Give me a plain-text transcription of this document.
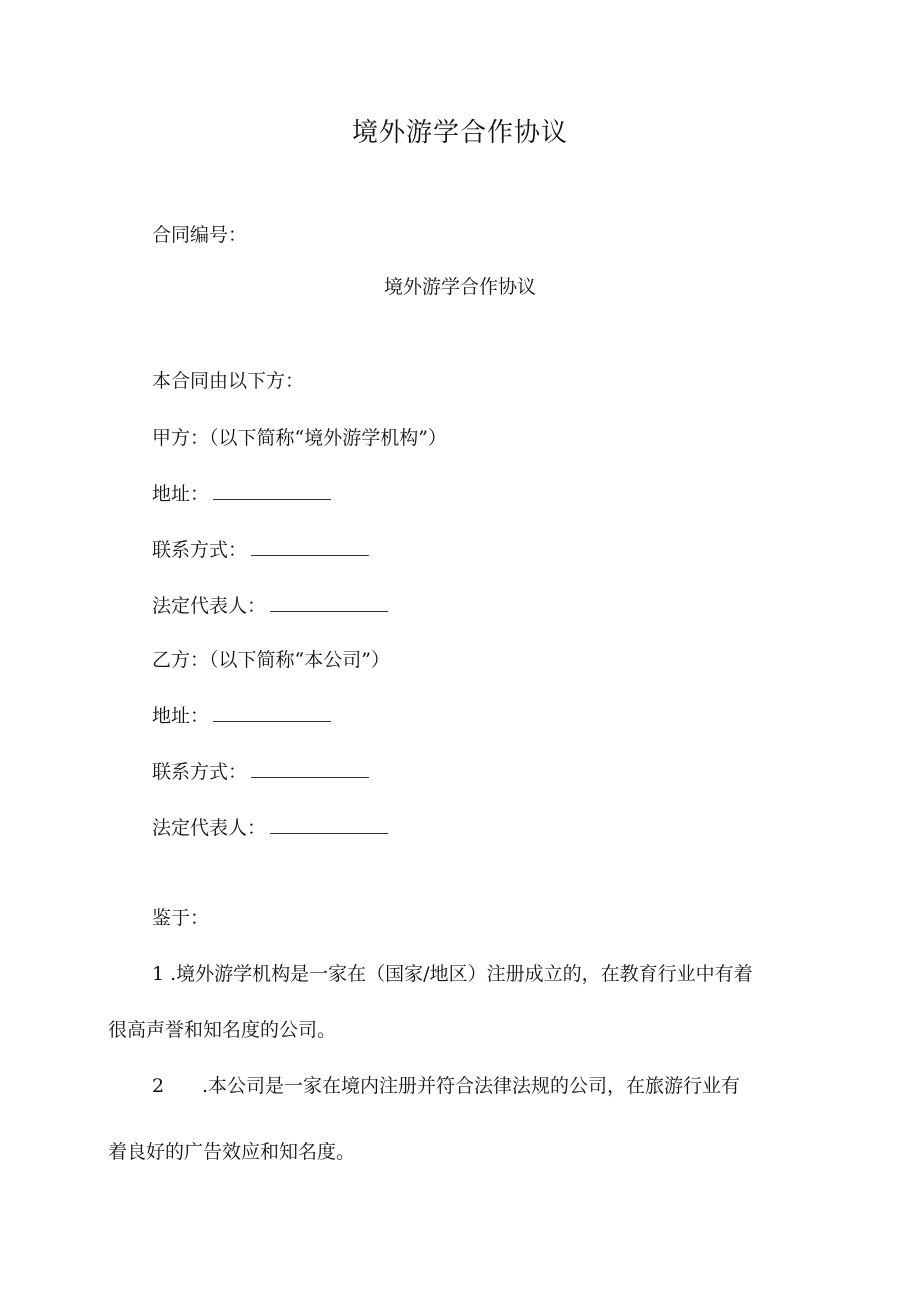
境外游学合作协议
合同编号：
境外游学合作协议
本合同由以下方：
甲方：（以下简称“境外游学机构”）
地址：
联系方式：
法定代表人：
乙方：（以下简称“本公司”）
地址：
联系方式：
法定代表人：
鉴于：
1 .境外游学机构是一家在（国家/地区）注册成立的，在教育行业中有着
很高声誉和知名度的公司。
2 .本公司是一家在境内注册并符合法律法规的公司，在旅游行业有
着良好的广告效应和知名度。
